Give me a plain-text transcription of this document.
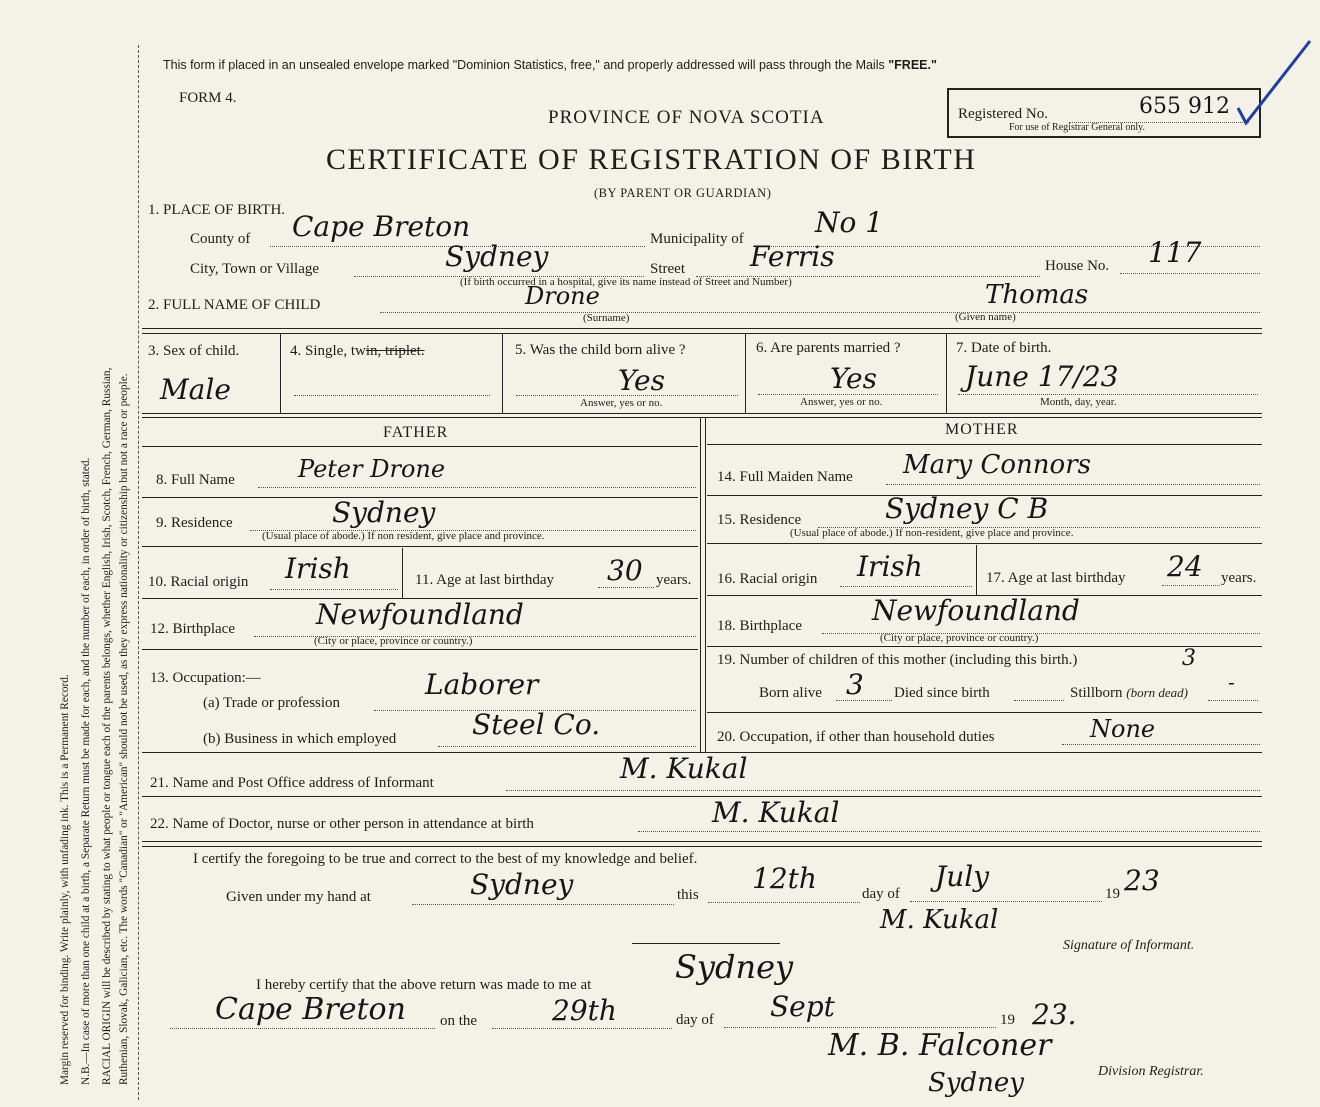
Margin reserved for binding. Write plainly, with unfading ink. This is a Permanent Record. N.B.—In case of more than one child at a birth, a Separate Return must be made for each, and the number of each, in order of birth, stated. RACIAL ORIGIN will be described by stating to what people or tongue each of the parents belongs, whether English, Irish, Scotch, French, German, Russian, Ruthenian, Slovak, Galician, etc. The words "Canadian" or "American" should not be used, as they express nationality or citizenship but not a race or people.
This form if placed in an unsealed envelope marked "Dominion Statistics, free," and properly addressed will pass through the Mails "FREE."
FORM 4.
PROVINCE OF NOVA SCOTIA
CERTIFICATE OF REGISTRATION OF BIRTH
(BY PARENT OR GUARDIAN)
Registered No.	655 912
For use of Registrar General only.
1. PLACE OF BIRTH.
County of Cape Breton	Municipality of	No 1
City, Town or Village	Sydney	Street Ferris	House No. 117
(If birth occurred in a hospital, give its name instead of Street and Number)
2. FULL NAME OF CHILD	Drone
(Surname)
Thomas
(Given name)
3. Sex of child.
Male
4. Single, twin, triplet.	5. Was the child born alive ?
Yes
Answer, yes or no.
6. Are parents married ?
Yes
Answer, yes or no.
7. Date of birth.
June 17/23
Month, day, year.
FATHER	MOTHER
8. Full Name	Peter Drone
9. Residence	Sydney
(Usual place of abode.) If non resident, give place and province.
10. Racial origin Irish	11. Age at last birthday 30 years.
12. Birthplace	Newfoundland
(City or place, province or country.)
13. Occupation:—
(a) Trade or profession
Laborer
(b) Business in which employed	Steel Co.
14. Full Maiden Name Mary Connors
15. Residence	Sydney C B
(Usual place of abode.) If non-resident, give place and province.
16. Racial origin Irish	17. Age at last birthday 24 years.
18. Birthplace	Newfoundland
(City or place, province or country.)
19. Number of children of this mother (including this birth.)	3
Born alive 3 Died since birth	Stillborn (born dead) -
20. Occupation, if other than household duties	None
21. Name and Post Office address of Informant	M. Kukal
22. Name of Doctor, nurse or other person in attendance at birth	M. Kukal
I certify the foregoing to be true and correct to the best of my knowledge and belief.
Given under my hand at	Sydney	this 12th	day of
July
19 23
M. Kukal
Signature of Informant.
I hereby certify that the above return was made to me at	Sydney
Cape Breton on the	29th	day of Sept	19 23.
M. B. Falconer
Division Registrar.
Sydney
